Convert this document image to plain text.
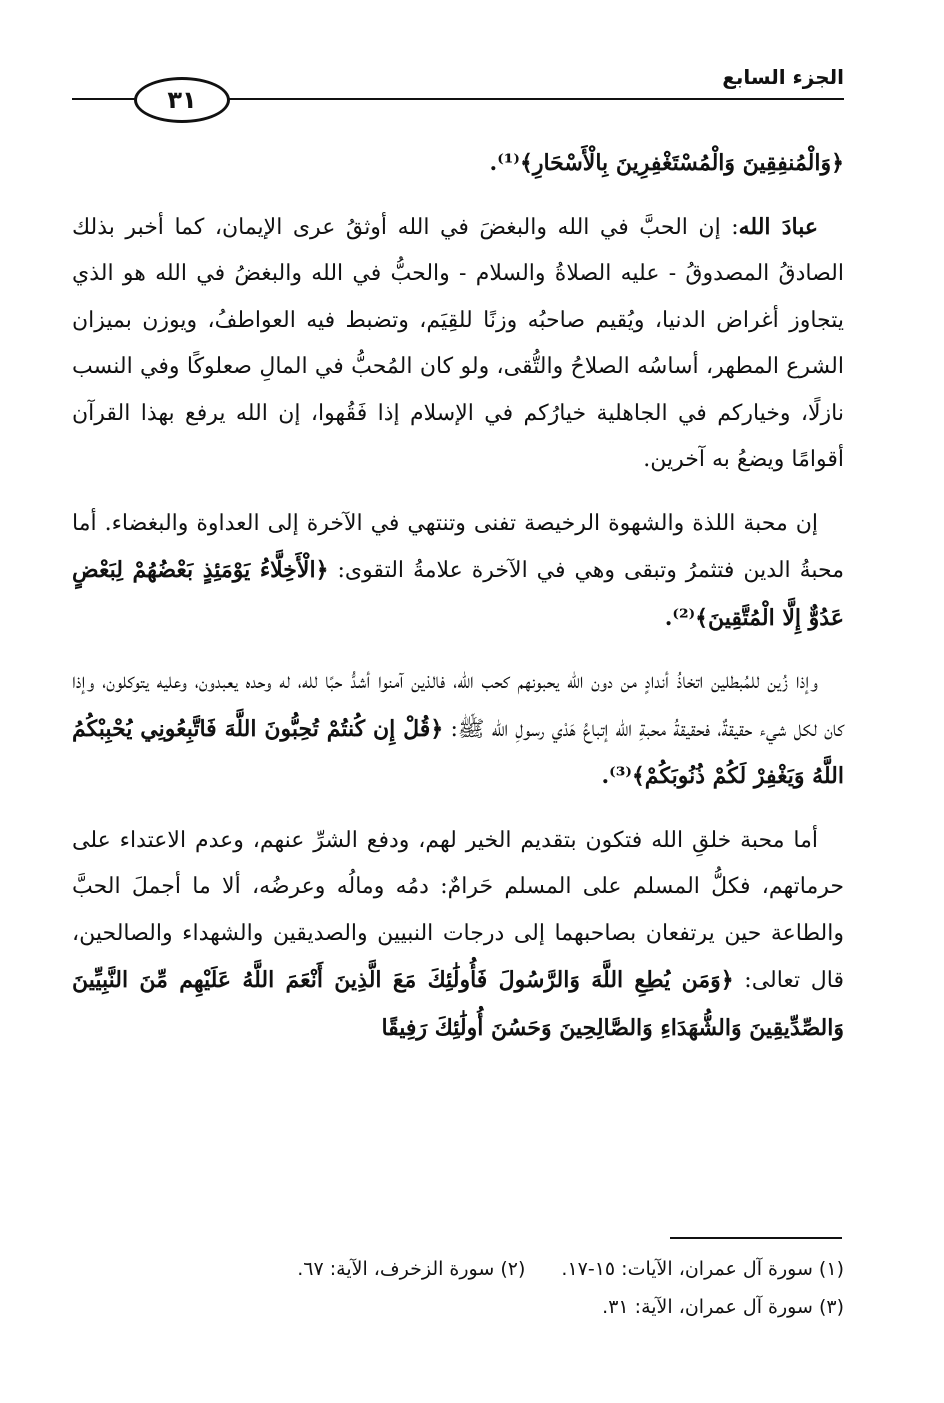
الجزء السابع
٣١

﴿وَالْمُنفِقِينَ وَالْمُسْتَغْفِرِينَ بِالْأَسْحَارِ﴾⁽¹⁾.

عبادَ الله: إن الحبَّ في الله والبغضَ في الله أوثقُ عرى الإيمان، كما أخبر بذلك الصادقُ المصدوقُ - عليه الصلاةُ والسلام - والحبُّ في الله والبغضُ في الله هو الذي يتجاوز أغراض الدنيا، ويُقيم صاحبُه وزنًا للقِيَم، وتضبط فيه العواطفُ، ويوزن بميزان الشرع المطهر، أساسُه الصلاحُ والتُّقى، ولو كان المُحبُّ في المالِ صعلوكًا وفي النسب نازلًا، وخياركم في الجاهلية خيارُكم في الإسلام إذا فَقُهوا، إن الله يرفع بهذا القرآن أقوامًا ويضعُ به آخرين.

إن محبة اللذة والشهوة الرخيصة تفنى وتنتهي في الآخرة إلى العداوة والبغضاء. أما محبةُ الدين فتثمرُ وتبقى وهي في الآخرة علامةُ التقوى: ﴿الْأَخِلَّاءُ يَوْمَئِذٍ بَعْضُهُمْ لِبَعْضٍ عَدُوٌّ إِلَّا الْمُتَّقِينَ﴾⁽²⁾.

وإذا زُين للمُبطلين اتخاذُ أندادٍ من دون الله يحبونهم كحب الله، فالذين آمنوا أشدُّ حبًا لله، له وحده يعبدون، وعليه يتوكلون، وإذا كان لكل شيء حقيقةٌ، فحقيقةُ محبةِ الله إتباعُ هَدْي رسولِ الله ﷺ: ﴿قُلْ إِن كُنتُمْ تُحِبُّونَ اللَّهَ فَاتَّبِعُونِي يُحْبِبْكُمُ اللَّهُ وَيَغْفِرْ لَكُمْ ذُنُوبَكُمْ﴾⁽³⁾.

أما محبة خلقِ الله فتكون بتقديم الخير لهم، ودفع الشرِّ عنهم، وعدم الاعتداء على حرماتهم، فكلُّ المسلم على المسلم حَرامٌ: دمُه ومالُه وعرضُه، ألا ما أجملَ الحبَّ والطاعة حين يرتفعان بصاحبهما إلى درجات النبيين والصديقين والشهداء والصالحين، قال تعالى: ﴿وَمَن يُطِعِ اللَّهَ وَالرَّسُولَ فَأُولَٰئِكَ مَعَ الَّذِينَ أَنْعَمَ اللَّهُ عَلَيْهِم مِّنَ النَّبِيِّينَ وَالصِّدِّيقِينَ وَالشُّهَدَاءِ وَالصَّالِحِينَ وَحَسُنَ أُولَٰئِكَ رَفِيقًا

(١) سورة آل عمران، الآيات: ١٥-١٧.(٢) سورة الزخرف، الآية: ٦٧.
(٣) سورة آل عمران، الآية: ٣١.
